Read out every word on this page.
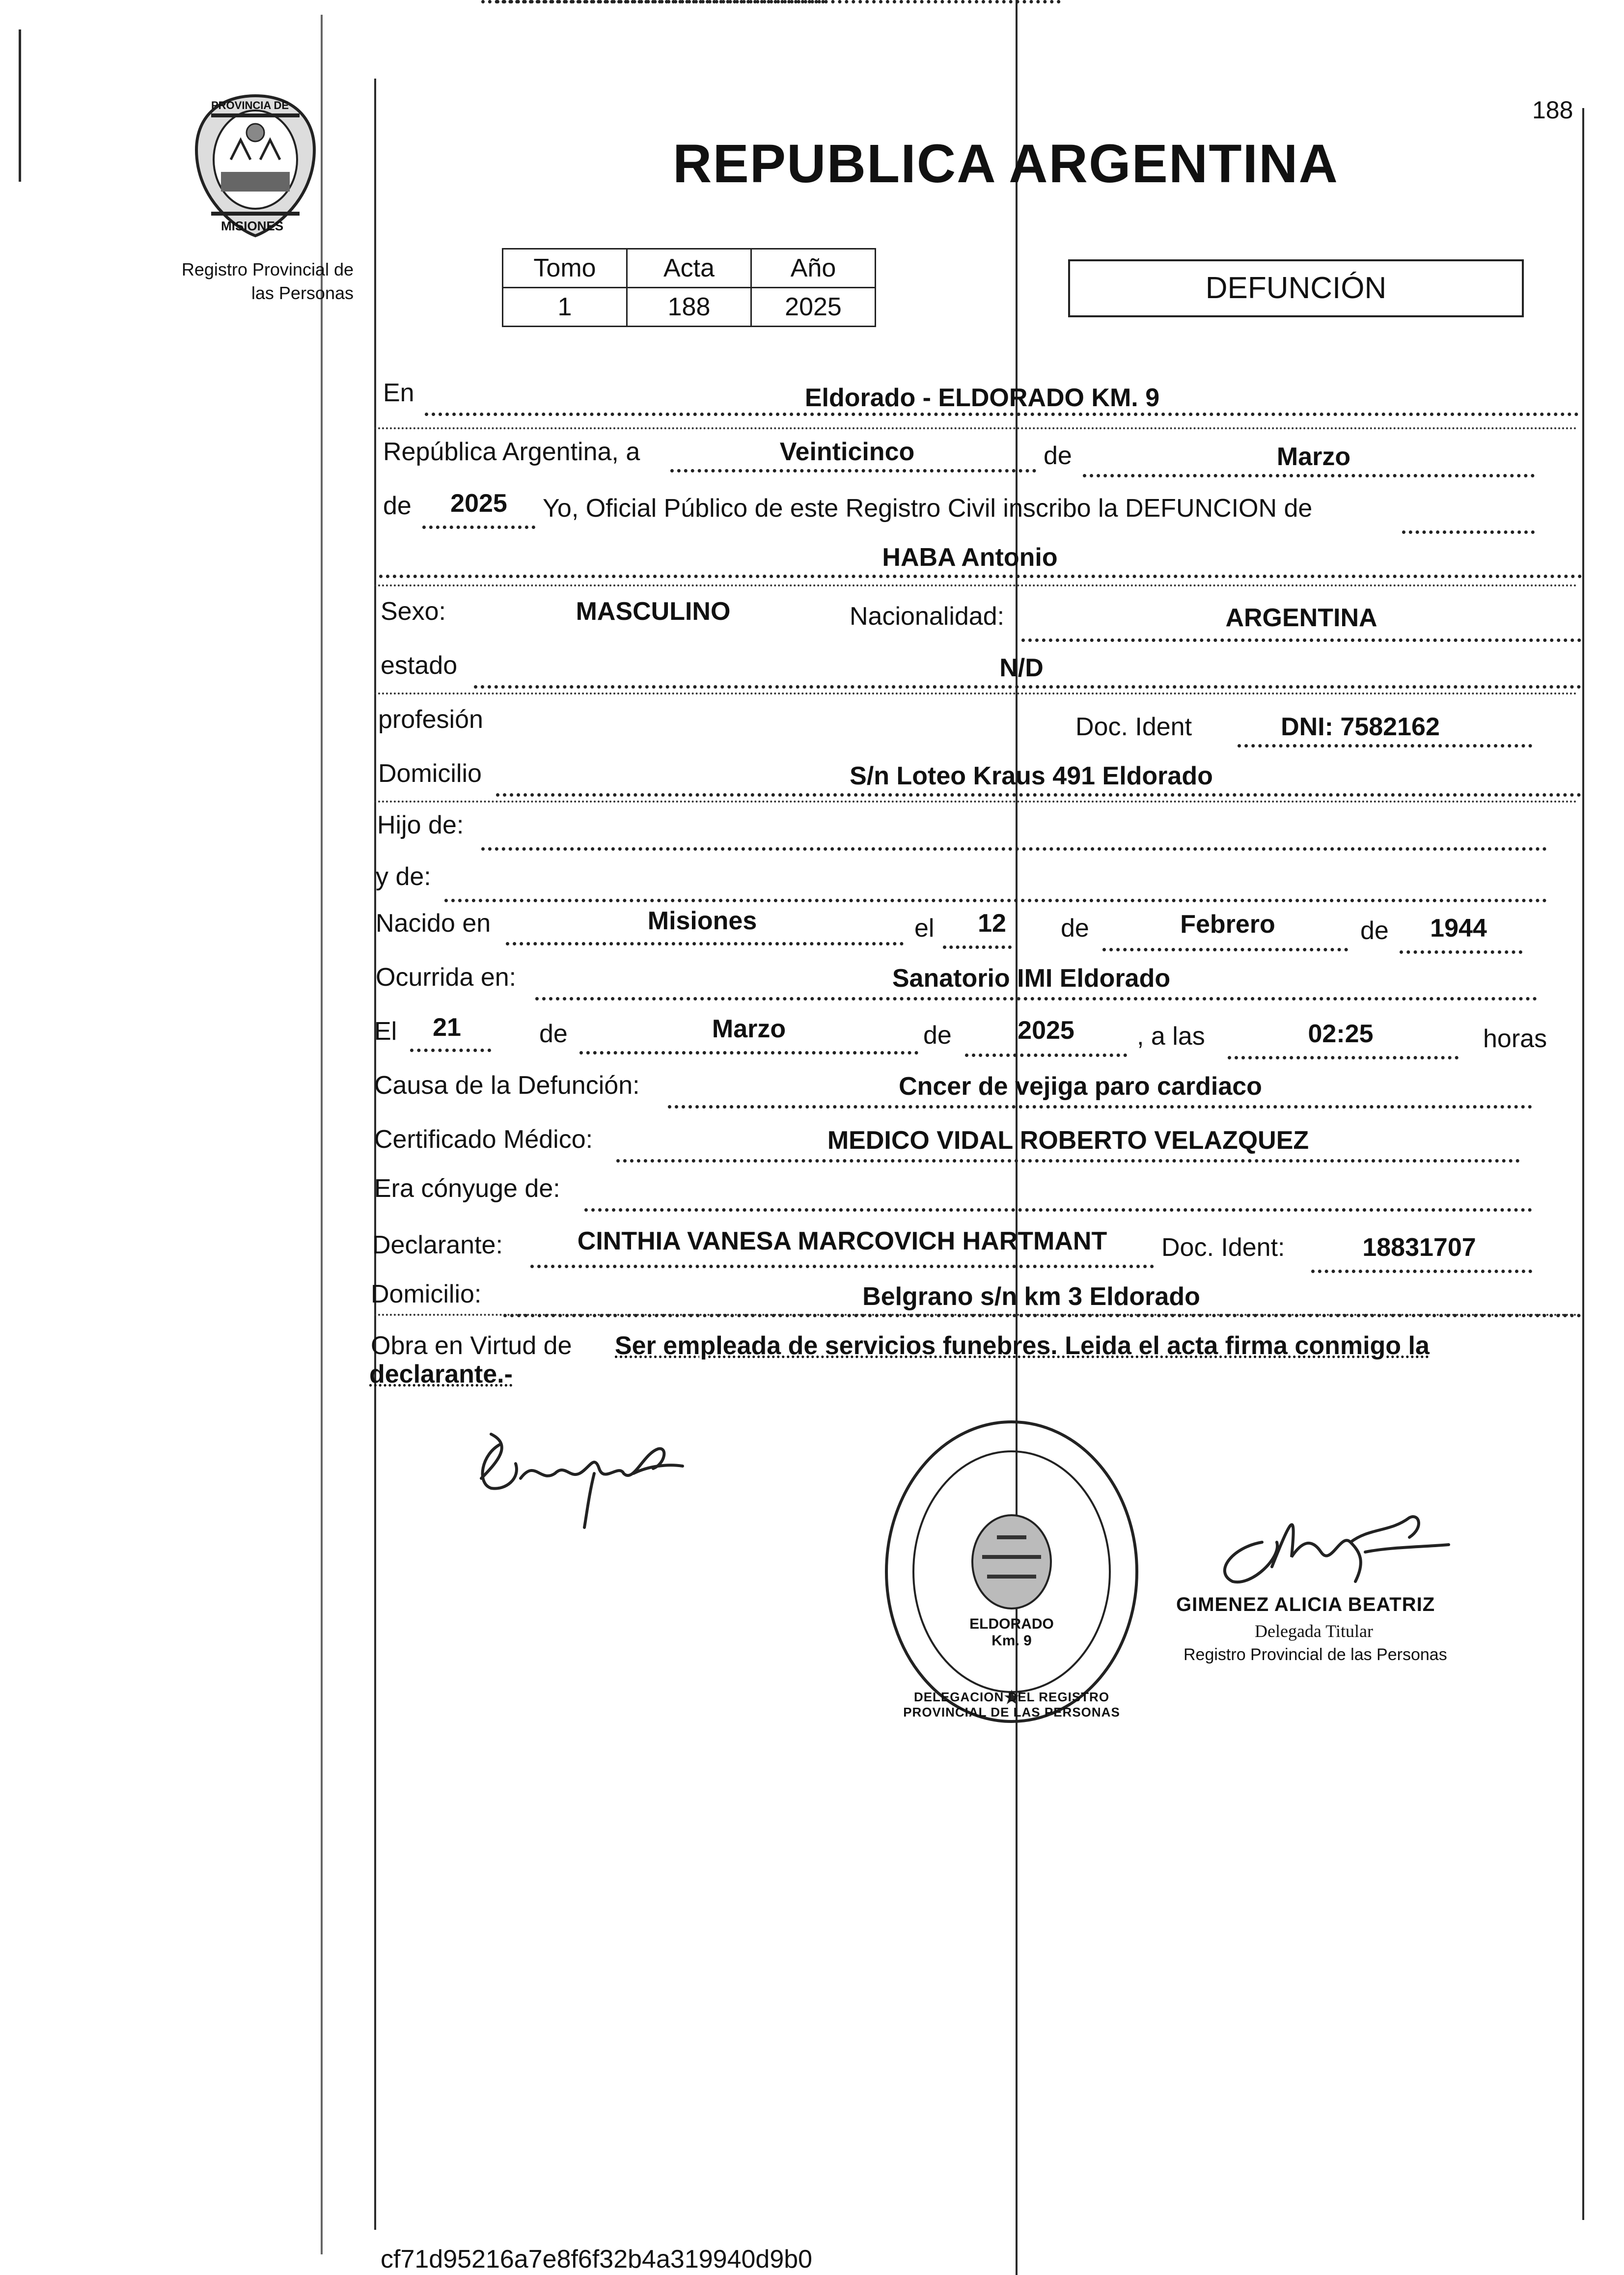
PROVINCIA DE
MISIONES
Registro Provincial de
las Personas
188
REPUBLICA ARGENTINA
Tomo	Acta	Año
1	188	2025
DEFUNCIÓN
En	Eldorado - ELDORADO KM. 9
República Argentina, a	Veinticinco	de	Marzo
de	2025	Yo, Oficial Público de este Registro Civil inscribo la DEFUNCION de
HABA Antonio
Sexo:	MASCULINO	Nacionalidad:	ARGENTINA
estado	N/D
profesión	Doc. Ident	DNI: 7582162
Domicilio	S/n Loteo Kraus 491 Eldorado
Hijo de:
y de:
Nacido en	Misiones	el	12	de	Febrero	de	1944
Ocurrida en:	Sanatorio IMI Eldorado
El	21	de	Marzo	de	2025	, a las	02:25	horas
Causa de la Defunción:	Cncer de vejiga paro cardiaco
Certificado Médico:	MEDICO VIDAL ROBERTO VELAZQUEZ
Era cónyuge de:
Declarante:	CINTHIA VANESA MARCOVICH HARTMANT	Doc. Ident:	18831707
Domicilio:	Belgrano s/n km 3 Eldorado
Obra en Virtud de Ser empleada de servicios funebres. Leida el acta firma conmigo la
declarante.-
DELEGACION DEL REGISTRO PROVINCIAL DE LAS PERSONAS
ELDORADO Km. 9
GIMENEZ ALICIA BEATRIZ
Delegada Titular
Registro Provincial de las Personas
cf71d95216a7e8f6f32b4a319940d9b0
